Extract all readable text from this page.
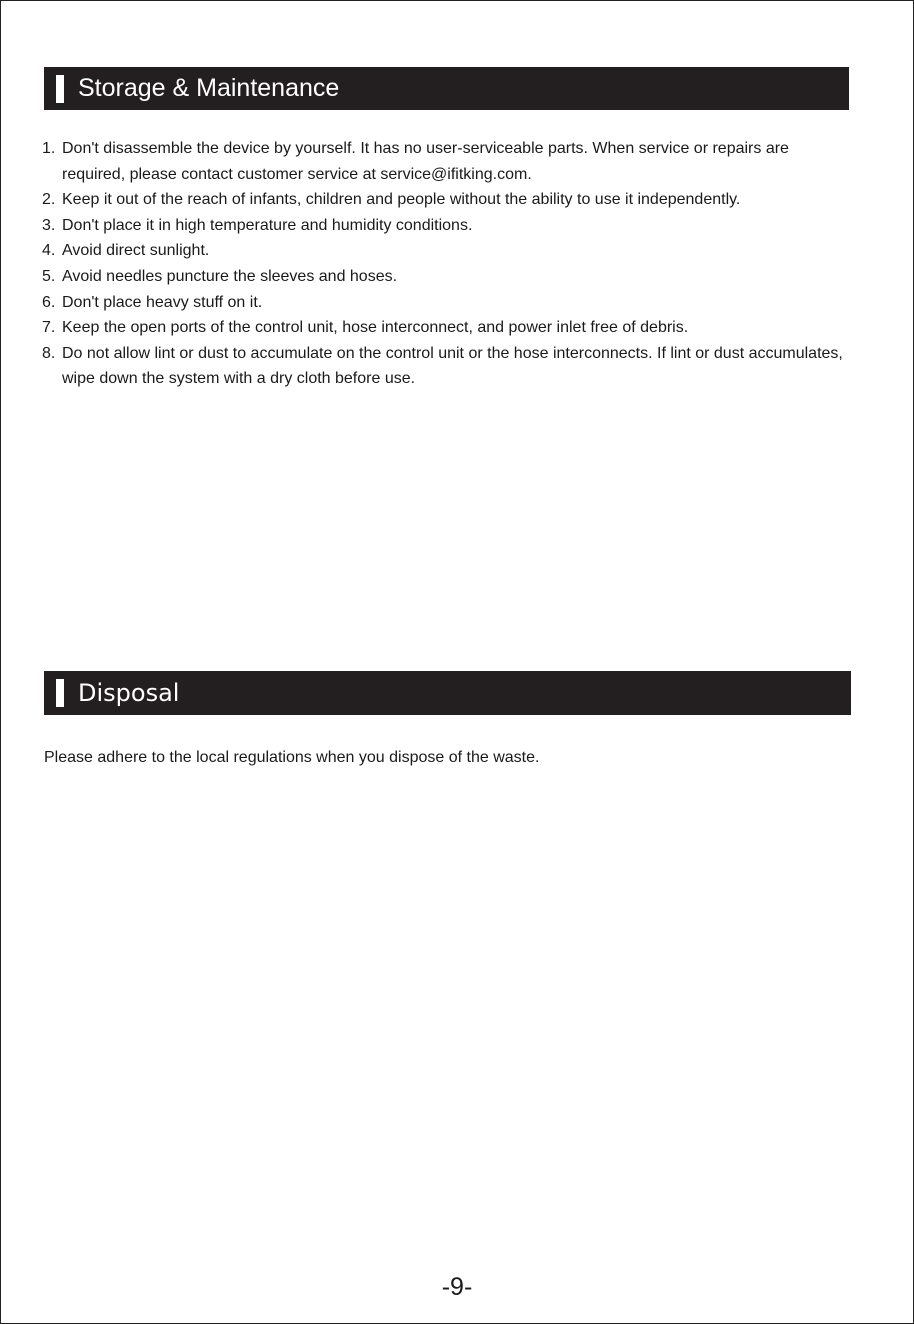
Storage & Maintenance
1. Don't disassemble the device by yourself. It has no user-serviceable parts. When service or repairs are required, please contact customer service at service@ifitking.com.
2. Keep it out of the reach of infants, children and people without the ability to use it independently.
3. Don't place it in high temperature and humidity conditions.
4. Avoid direct sunlight.
5. Avoid needles puncture the sleeves and hoses.
6. Don't place heavy stuff on it.
7. Keep the open ports of the control unit, hose interconnect, and power inlet free of debris.
8. Do not allow lint or dust to accumulate on the control unit or the hose interconnects. If lint or dust accumulates, wipe down the system with a dry cloth before use.
Disposal

Please adhere to the local regulations when you dispose of the waste.

-9-
